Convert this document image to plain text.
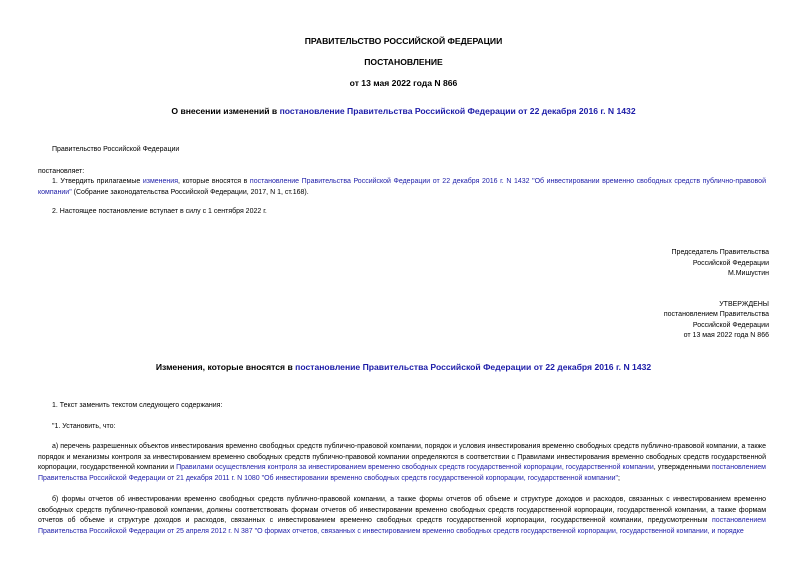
ПРАВИТЕЛЬСТВО РОССИЙСКОЙ ФЕДЕРАЦИИ
ПОСТАНОВЛЕНИЕ
от 13 мая 2022 года N 866
О внесении изменений в постановление Правительства Российской Федерации от 22 декабря 2016 г. N 1432
Правительство Российской Федерации
постановляет:
1. Утвердить прилагаемые изменения, которые вносятся в постановление Правительства Российской Федерации от 22 декабря 2016 г. N 1432 "Об инвестировании временно свободных средств публично-правовой компании" (Собрание законодательства Российской Федерации, 2017, N 1, ст.168).
2. Настоящее постановление вступает в силу с 1 сентября 2022 г.
Председатель Правительства
Российской Федерации
М.Мишустин
УТВЕРЖДЕНЫ
постановлением Правительства
Российской Федерации
от 13 мая 2022 года N 866
Изменения, которые вносятся в постановление Правительства Российской Федерации от 22 декабря 2016 г. N 1432
1. Текст заменить текстом следующего содержания:
"1. Установить, что:
а) перечень разрешенных объектов инвестирования временно свободных средств публично-правовой компании, порядок и условия инвестирования временно свободных средств публично-правовой компании, а также порядок и механизмы контроля за инвестированием временно свободных средств публично-правовой компании определяются в соответствии с Правилами инвестирования временно свободных средств государственной корпорации, государственной компании и Правилами осуществления контроля за инвестированием временно свободных средств государственной корпорации, государственной компании, утвержденными постановлением Правительства Российской Федерации от 21 декабря 2011 г. N 1080 "Об инвестировании временно свободных средств государственной корпорации, государственной компании";
б) формы отчетов об инвестировании временно свободных средств публично-правовой компании, а также формы отчетов об объеме и структуре доходов и расходов, связанных с инвестированием временно свободных средств публично-правовой компании, должны соответствовать формам отчетов об инвестировании временно свободных средств государственной корпорации, государственной компании, а также формам отчетов об объеме и структуре доходов и расходов, связанных с инвестированием временно свободных средств государственной корпорации, государственной компании, предусмотренным постановлением Правительства Российской Федерации от 25 апреля 2012 г. N 387 "О формах отчетов, связанных с инвестированием временно свободных средств государственной корпорации, государственной компании, и порядке
